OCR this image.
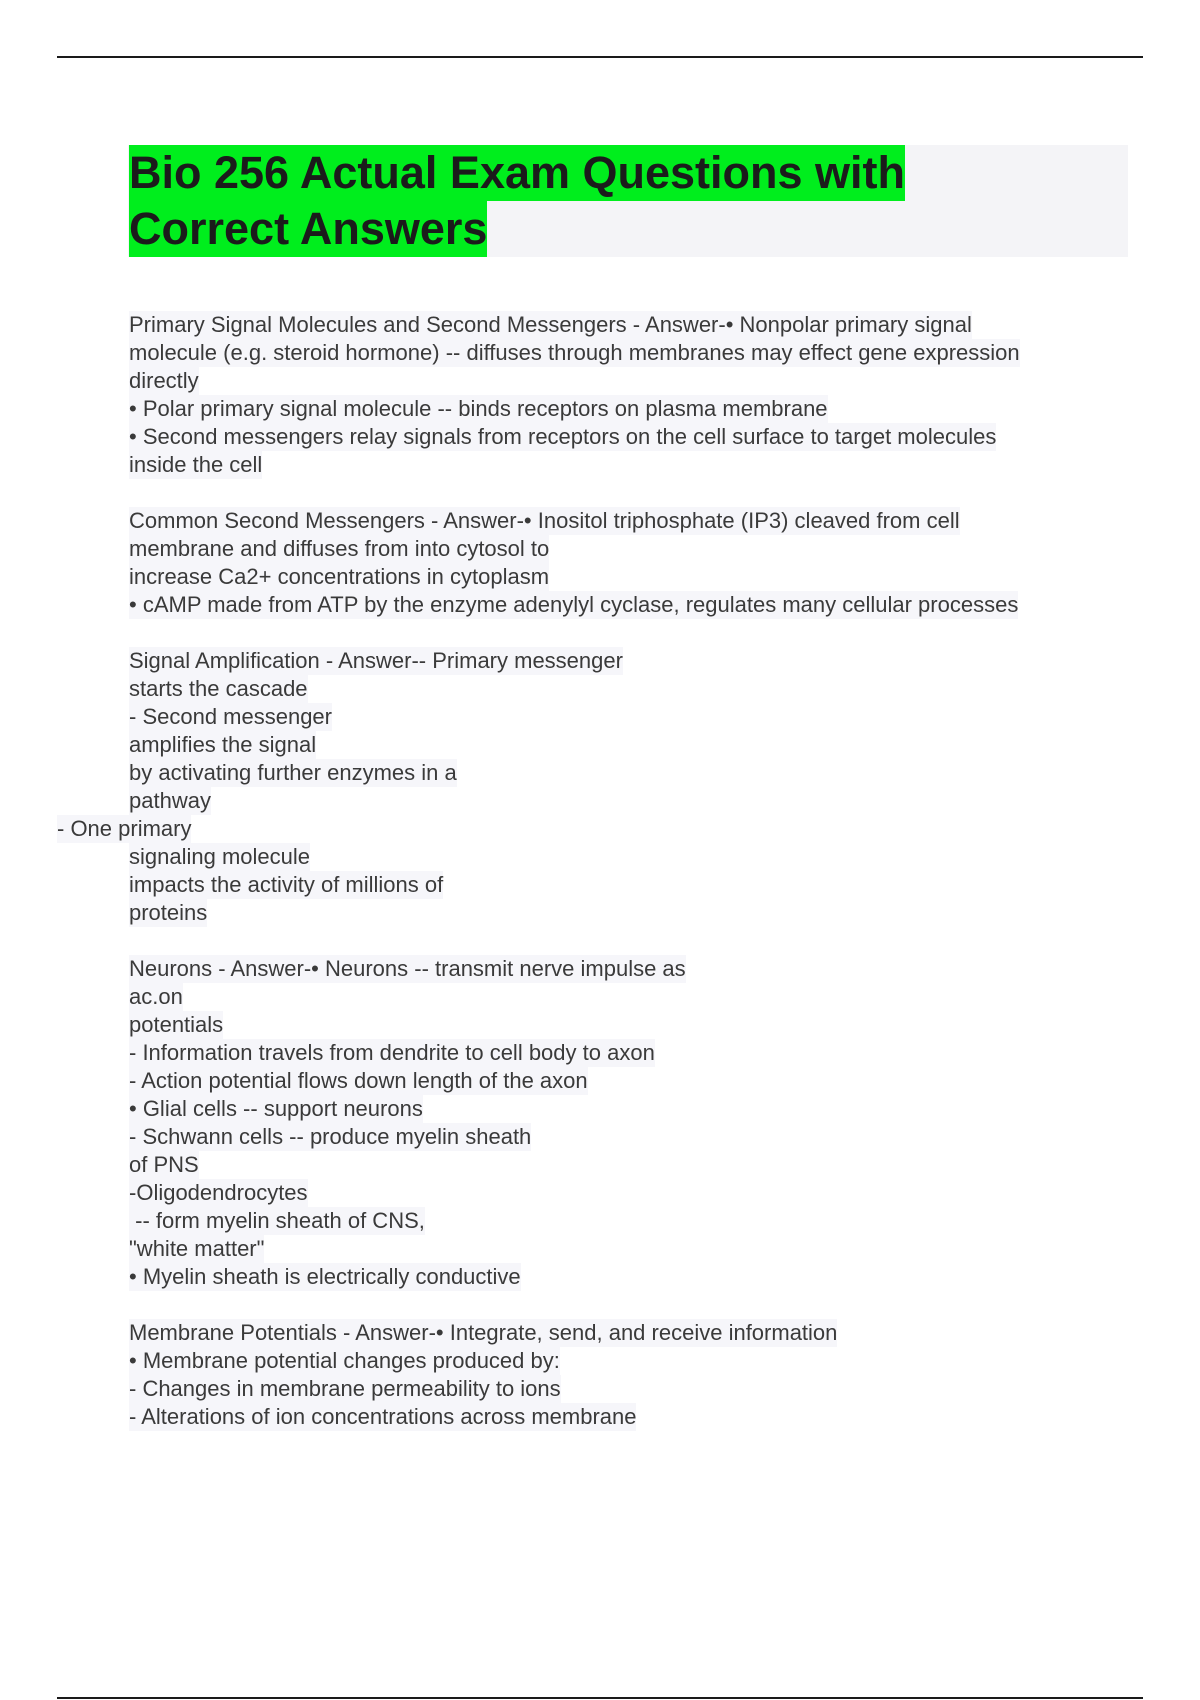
Bio 256 Actual Exam Questions with
Correct Answers
Primary Signal Molecules and Second Messengers - Answer-• Nonpolar primary signal
molecule (e.g. steroid hormone) -- diffuses through membranes may effect gene expression
directly
• Polar primary signal molecule -- binds receptors on plasma membrane
• Second messengers relay signals from receptors on the cell surface to target molecules
inside the cell
Common Second Messengers - Answer-• Inositol triphosphate (IP3) cleaved from cell
membrane and diffuses from into cytosol to
increase Ca2+ concentrations in cytoplasm
• cAMP made from ATP by the enzyme adenylyl cyclase, regulates many cellular processes
Signal Amplification - Answer-- Primary messenger
starts the cascade
- Second messenger
amplifies the signal
by activating further enzymes in a
pathway
- One primary
signaling molecule
impacts the activity of millions of
proteins
Neurons - Answer-• Neurons -- transmit nerve impulse as
ac.on
potentials
- Information travels from dendrite to cell body to axon
- Action potential flows down length of the axon
• Glial cells -- support neurons
- Schwann cells -- produce myelin sheath
of PNS
-Oligodendrocytes
-- form myelin sheath of CNS,
"white matter"
• Myelin sheath is electrically conductive
Membrane Potentials - Answer-• Integrate, send, and receive information
• Membrane potential changes produced by:
- Changes in membrane permeability to ions
- Alterations of ion concentrations across membrane
